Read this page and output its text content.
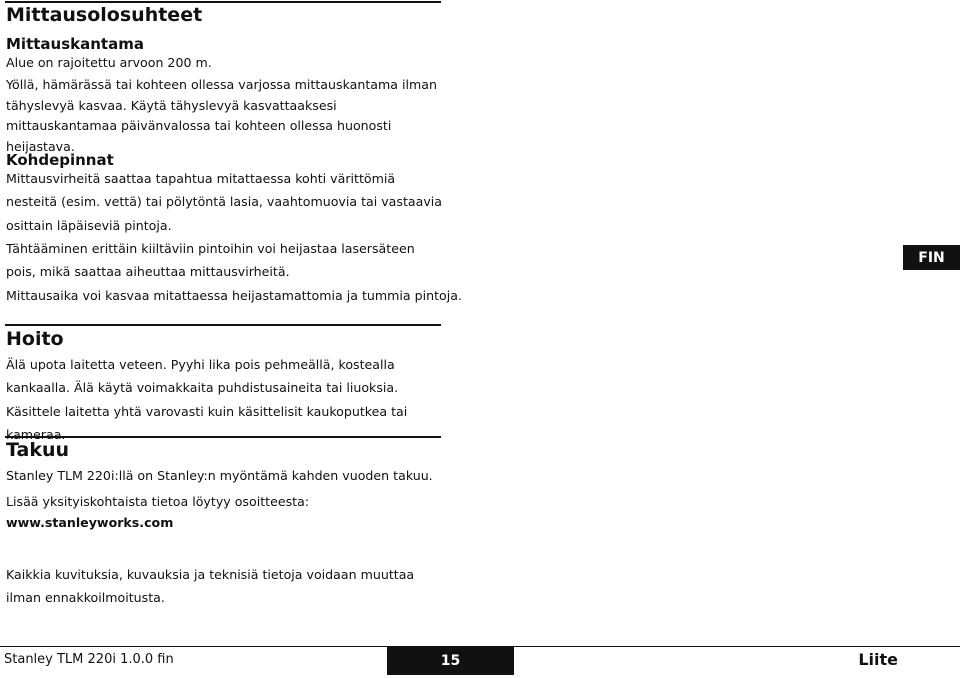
Mittausolosuhteet
Mittauskantama

Alue on rajoitettu arvoon 200 m.

Yöllä, hämärässä tai kohteen ollessa varjossa mittauskantama ilman tähyslevyä kasvaa. Käytä tähyslevyä kasvattaaksesi mittauskantamaa päivänvalossa tai kohteen ollessa huonosti heijastava.

Kohdepinnat

Mittausvirheitä saattaa tapahtua mitattaessa kohti värittömiä nesteitä (esim. vettä) tai pölytöntä lasia, vaahtomuovia tai vastaavia osittain läpäiseviä pintoja.

Tähtääminen erittäin kiiltäviin pintoihin voi heijastaa lasersäteen pois, mikä saattaa aiheuttaa mittausvirheitä.

Mittausaika voi kasvaa mitattaessa heijastamattomia ja tummia pintoja.

Hoito

Älä upota laitetta veteen. Pyyhi lika pois pehmeällä, kostealla kankaalla. Älä käytä voimakkaita puhdistusaineita tai liuoksia. Käsittele laitetta yhtä varovasti kuin käsittelisit kaukoputkea tai kameraa.

Takuu

Stanley TLM 220i:llä on Stanley:n myöntämä kahden vuoden takuu.

Lisää yksityiskohtaista tietoa löytyy osoitteesta:

www.stanleyworks.com

Kaikkia kuvituksia, kuvauksia ja teknisiä tietoja voidaan muuttaa ilman ennakkoilmoitusta.

FIN
Stanley TLM 220i 1.0.0 fin	15	Liite
